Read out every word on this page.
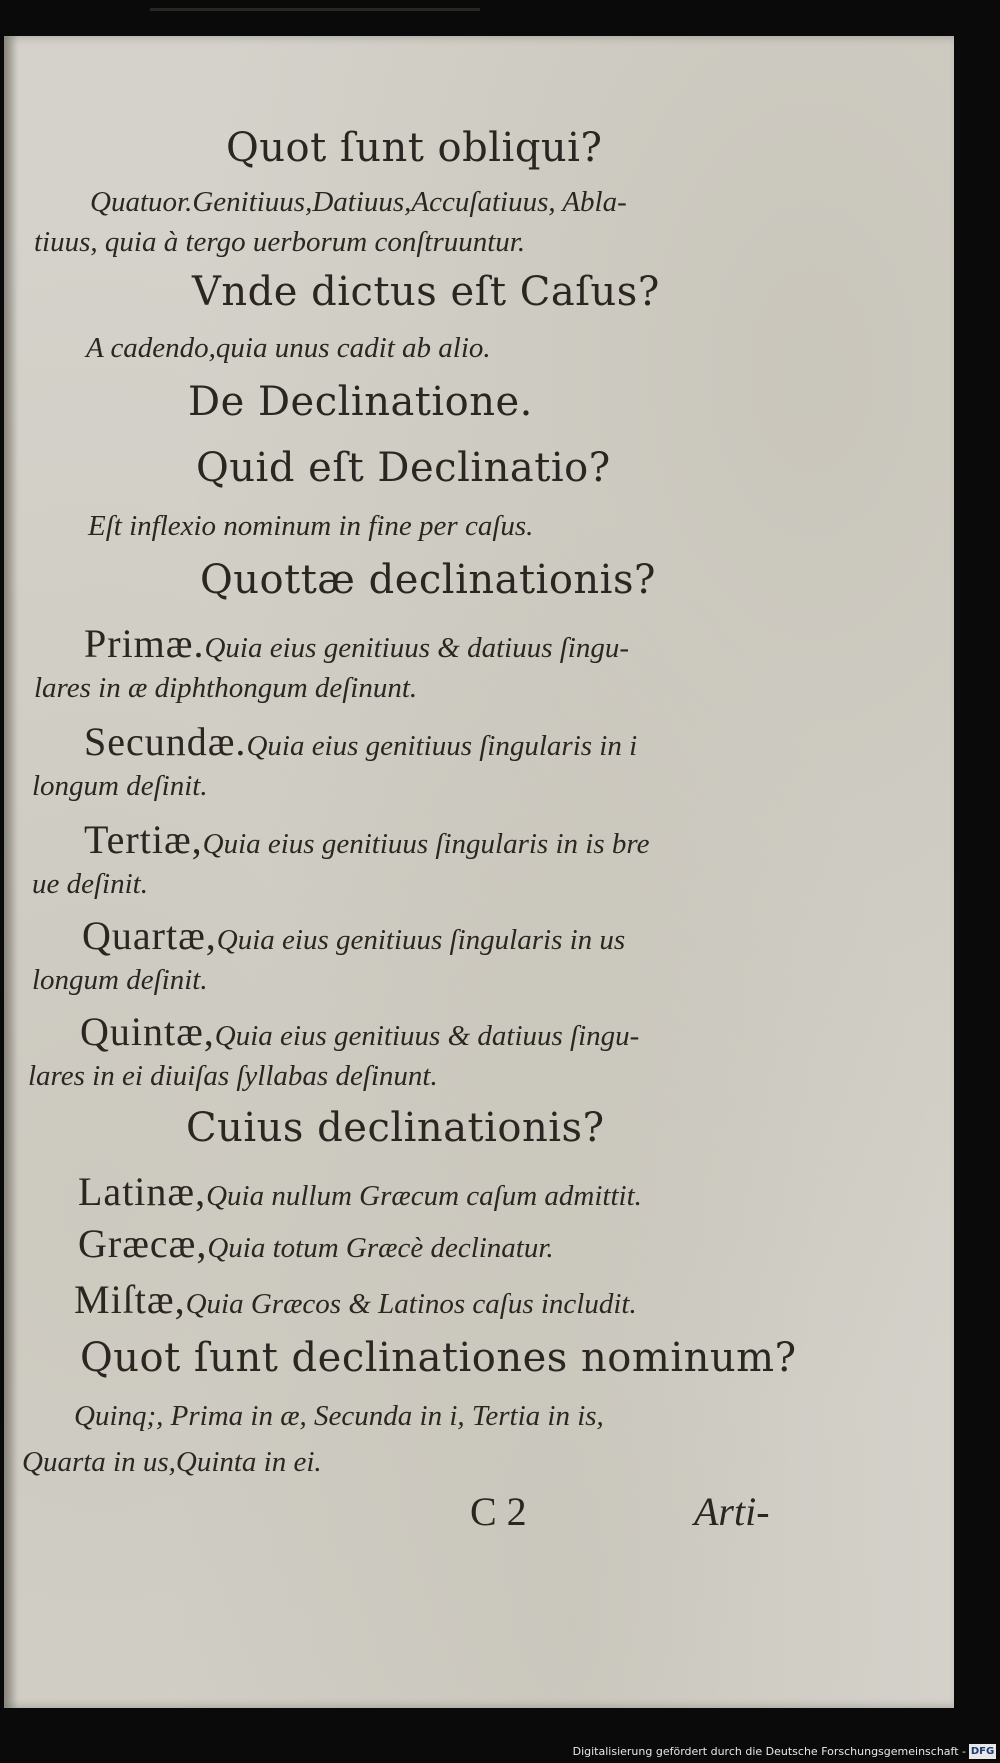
Quot ſunt obliqui?
Quatuor.Genitiuus,Datiuus,Accuſatiuus, Abla-
tiuus, quia à tergo uerborum conſtruuntur.
Vnde dictus eſt Caſus?
A cadendo,quia unus cadit ab alio.
De Declinatione.
Quid eſt Declinatio?
Eſt inflexio nominum in fine per caſus.
Quottæ declinationis?
Primæ.Quia eius genitiuus & datiuus ſingu-
lares in æ diphthongum deſinunt.
Secundæ.Quia eius genitiuus ſingularis in i
longum deſinit.
Tertiæ,Quia eius genitiuus ſingularis in is bre
ue deſinit.
Quartæ,Quia eius genitiuus ſingularis in us
longum deſinit.
Quintæ,Quia eius genitiuus & datiuus ſingu-
lares in ei diuiſas ſyllabas deſinunt.
Cuius declinationis?
Latinæ,Quia nullum Græcum caſum admittit.
Græcæ,Quia totum Græcè declinatur.
Miſtæ,Quia Græcos & Latinos caſus includit.
Quot ſunt declinationes nominum?
Quinq;, Prima in æ, Secunda in i, Tertia in is,
Quarta in us,Quinta in ei.
C 2	Arti-
Digitalisierung gefördert durch die Deutsche Forschungsgemeinschaft - DFG
